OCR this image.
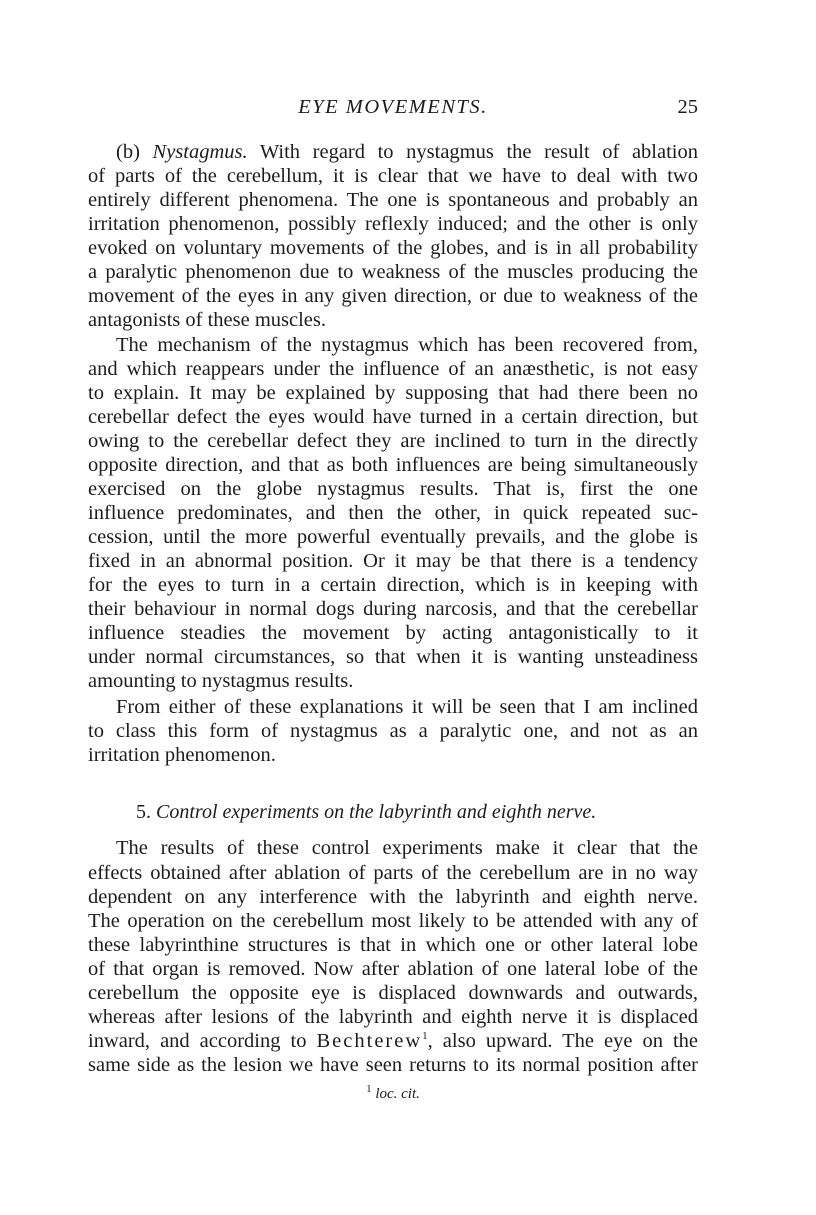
EYE MOVEMENTS.	25
(b) Nystagmus. With regard to nystagmus the result of ablation
of parts of the cerebellum, it is clear that we have to deal with two
entirely different phenomena. The one is spontaneous and probably an
irritation phenomenon, possibly reflexly induced; and the other is only
evoked on voluntary movements of the globes, and is in all probability
a paralytic phenomenon due to weakness of the muscles producing the
movement of the eyes in any given direction, or due to weakness of the
antagonists of these muscles.
The mechanism of the nystagmus which has been recovered from,
and which reappears under the influence of an anæsthetic, is not easy
to explain. It may be explained by supposing that had there been no
cerebellar defect the eyes would have turned in a certain direction, but
owing to the cerebellar defect they are inclined to turn in the directly
opposite direction, and that as both influences are being simultaneously
exercised on the globe nystagmus results. That is, first the one
influence predominates, and then the other, in quick repeated suc-
cession, until the more powerful eventually prevails, and the globe is
fixed in an abnormal position. Or it may be that there is a tendency
for the eyes to turn in a certain direction, which is in keeping with
their behaviour in normal dogs during narcosis, and that the cerebellar
influence steadies the movement by acting antagonistically to it
under normal circumstances, so that when it is wanting unsteadiness
amounting to nystagmus results.
From either of these explanations it will be seen that I am inclined
to class this form of nystagmus as a paralytic one, and not as an
irritation phenomenon.
5. Control experiments on the labyrinth and eighth nerve.
The results of these control experiments make it clear that the
effects obtained after ablation of parts of the cerebellum are in no way
dependent on any interference with the labyrinth and eighth nerve.
The operation on the cerebellum most likely to be attended with any of
these labyrinthine structures is that in which one or other lateral lobe
of that organ is removed. Now after ablation of one lateral lobe of the
cerebellum the opposite eye is displaced downwards and outwards,
whereas after lesions of the labyrinth and eighth nerve it is displaced
inward, and according to Bechterew$^1$, also upward. The eye on the
same side as the lesion we have seen returns to its normal position after
$^1$ loc. cit.
